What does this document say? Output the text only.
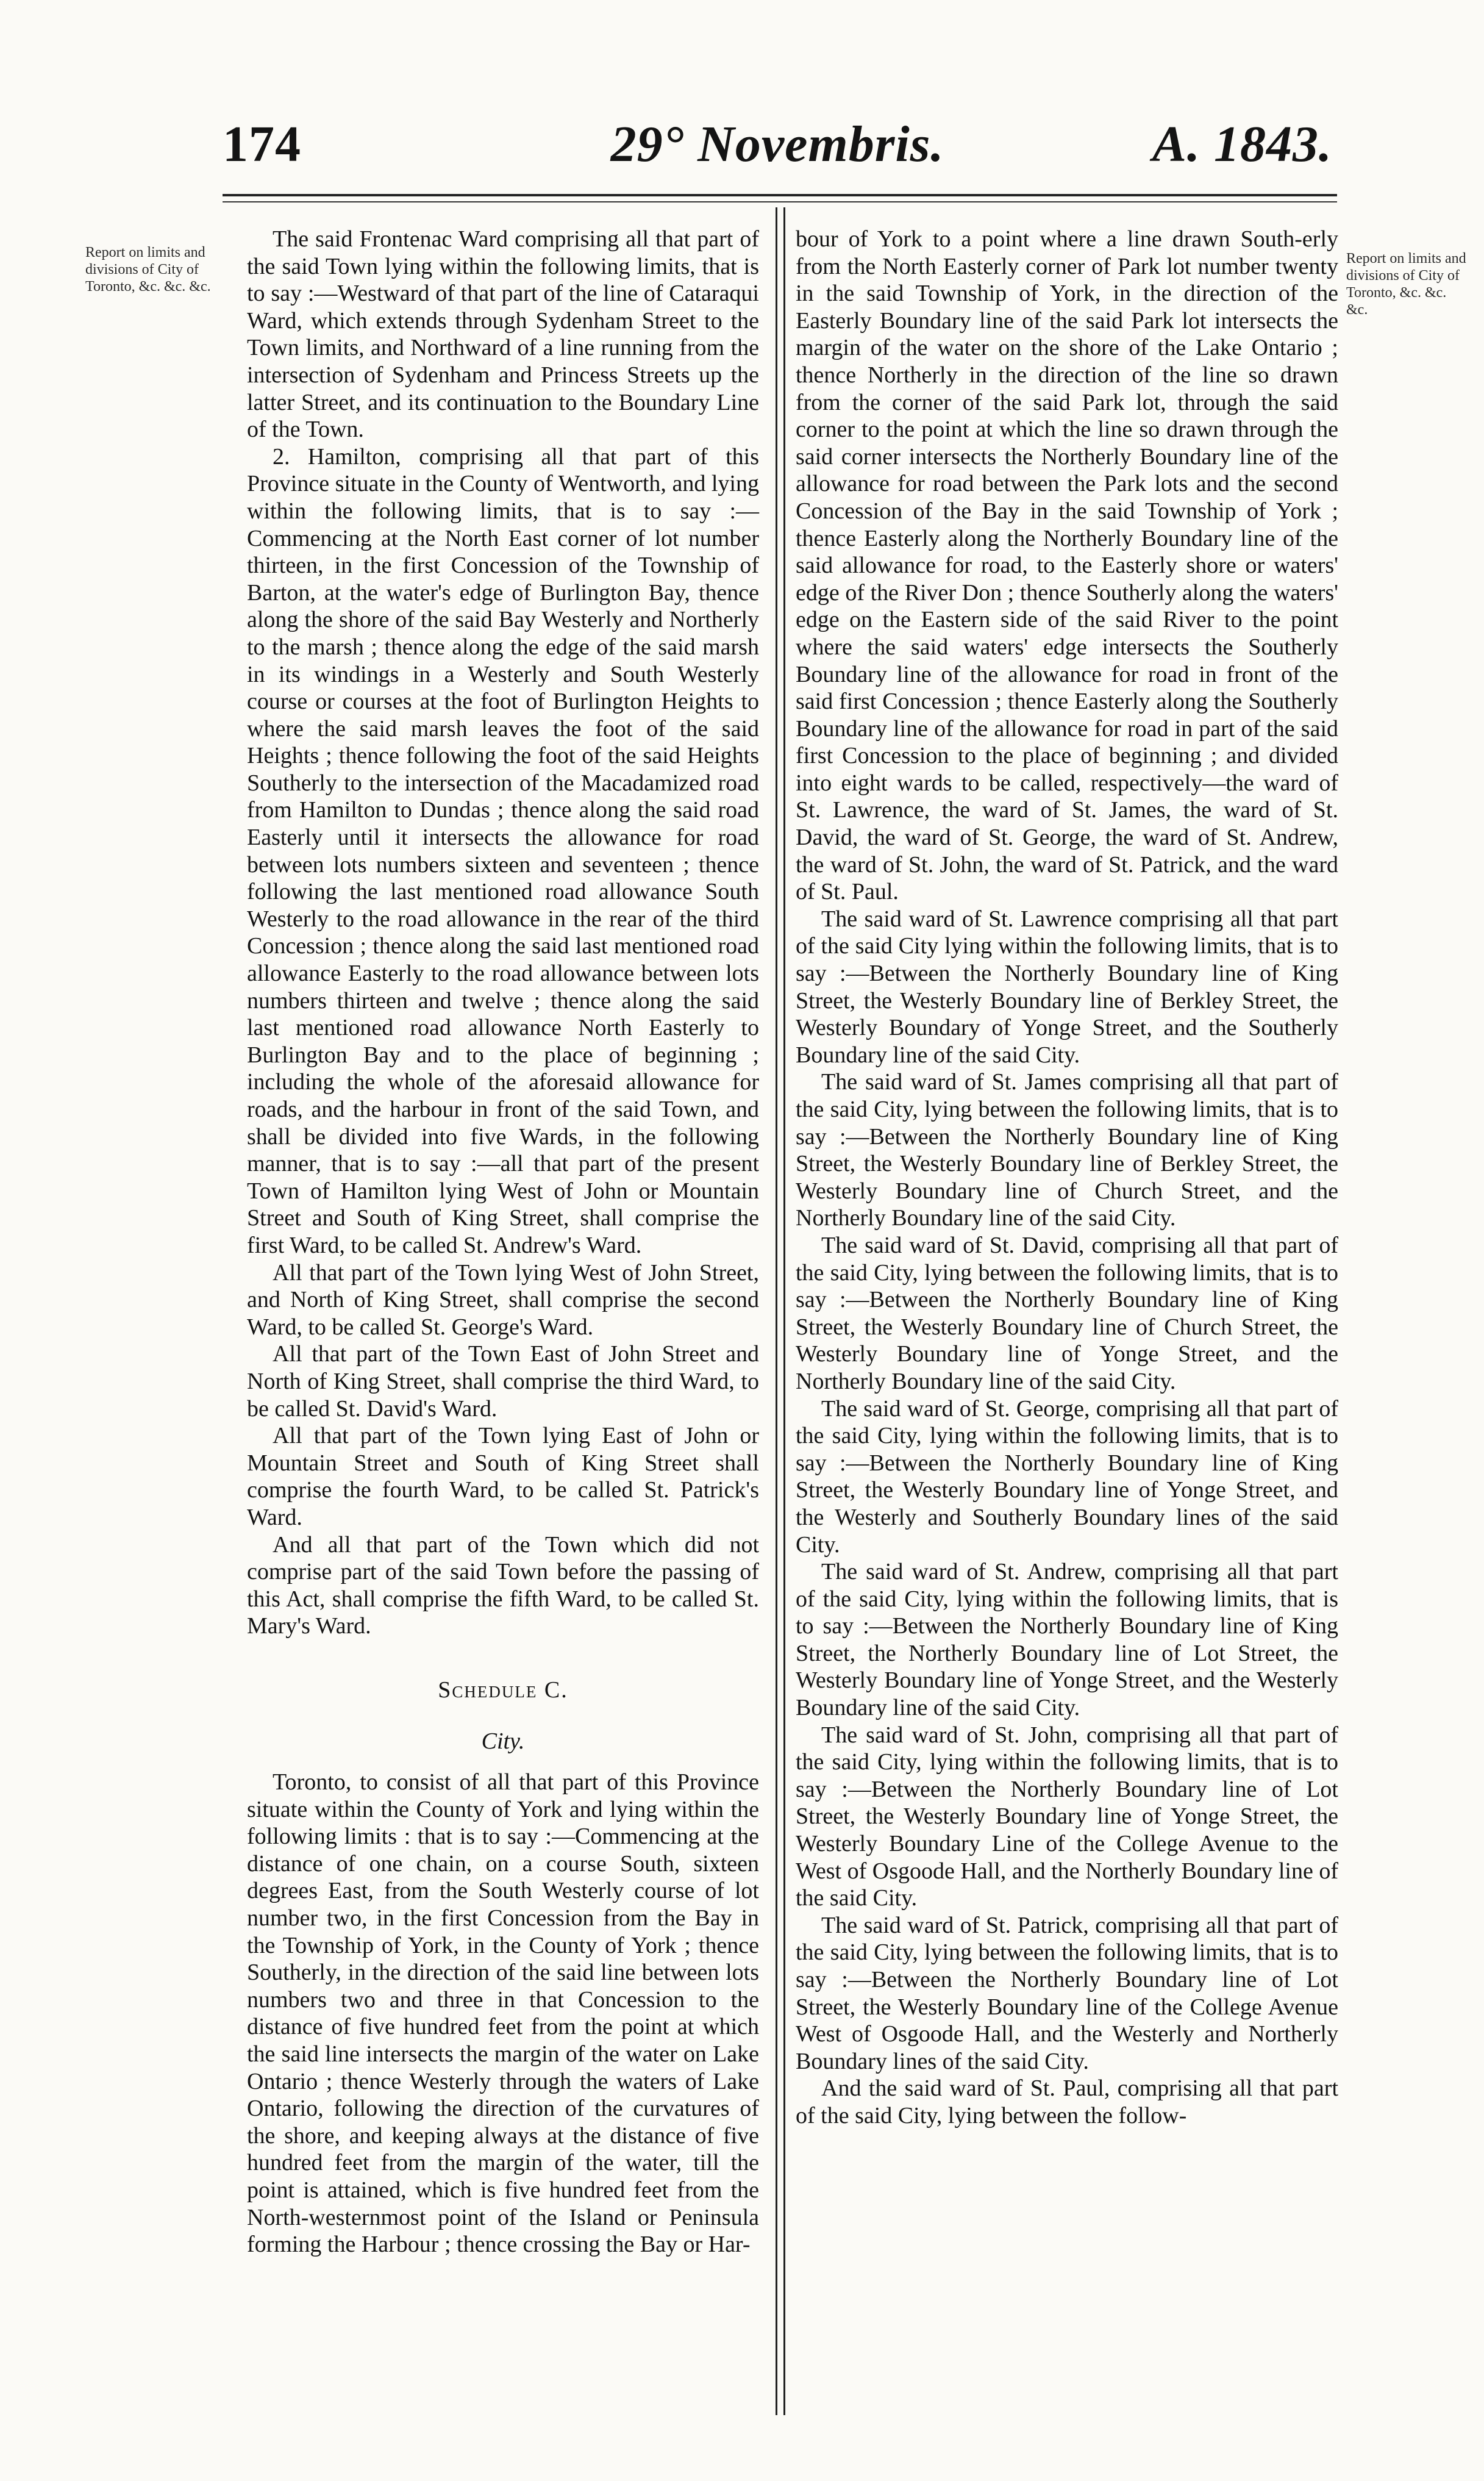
174	29° Novembris.	A. 1843.
Report on limits and divisions of City of Toronto, &c. &c. &c.
Report on limits and divisions of City of Toronto, &c. &c. &c.

The said Frontenac Ward comprising all that part of the said Town lying within the following limits, that is to say :—Westward of that part of the line of Cataraqui Ward, which extends through Sydenham Street to the Town limits, and Northward of a line running from the intersection of Sydenham and Princess Streets up the latter Street, and its continuation to the Boundary Line of the Town.

2. Hamilton, comprising all that part of this Province situate in the County of Wentworth, and lying within the following limits, that is to say :—Commencing at the North East corner of lot number thirteen, in the first Concession of the Township of Barton, at the water's edge of Burlington Bay, thence along the shore of the said Bay Westerly and Northerly to the marsh ; thence along the edge of the said marsh in its windings in a Westerly and South Westerly course or courses at the foot of Burlington Heights to where the said marsh leaves the foot of the said Heights ; thence following the foot of the said Heights Southerly to the intersection of the Macadamized road from Hamilton to Dundas ; thence along the said road Easterly until it intersects the allowance for road between lots numbers sixteen and seventeen ; thence following the last mentioned road allowance South Westerly to the road allowance in the rear of the third Concession ; thence along the said last mentioned road allowance Easterly to the road allowance between lots numbers thirteen and twelve ; thence along the said last mentioned road allowance North Easterly to Burlington Bay and to the place of beginning ; including the whole of the aforesaid allowance for roads, and the harbour in front of the said Town, and shall be divided into five Wards, in the following manner, that is to say :—all that part of the present Town of Hamilton lying West of John or Mountain Street and South of King Street, shall comprise the first Ward, to be called St. Andrew's Ward.

All that part of the Town lying West of John Street, and North of King Street, shall comprise the second Ward, to be called St. George's Ward.

All that part of the Town East of John Street and North of King Street, shall comprise the third Ward, to be called St. David's Ward.

All that part of the Town lying East of John or Mountain Street and South of King Street shall comprise the fourth Ward, to be called St. Patrick's Ward.

And all that part of the Town which did not comprise part of the said Town before the passing of this Act, shall comprise the fifth Ward, to be called St. Mary's Ward.

Schedule C.

City.

Toronto, to consist of all that part of this Province situate within the County of York and lying within the following limits : that is to say :—Commencing at the distance of one chain, on a course South, sixteen degrees East, from the South Westerly course of lot number two, in the first Concession from the Bay in the Township of York, in the County of York ; thence Southerly, in the direction of the said line between lots numbers two and three in that Concession to the distance of five hundred feet from the point at which the said line intersects the margin of the water on Lake Ontario ; thence Westerly through the waters of Lake Ontario, following the direction of the curvatures of the shore, and keeping always at the distance of five hundred feet from the margin of the water, till the point is attained, which is five hundred feet from the North-westernmost point of the Island or Peninsula forming the Harbour ; thence crossing the Bay or Har-

bour of York to a point where a line drawn South-erly from the North Easterly corner of Park lot number twenty in the said Township of York, in the direction of the Easterly Boundary line of the said Park lot intersects the margin of the water on the shore of the Lake Ontario ; thence Northerly in the direction of the line so drawn from the corner of the said Park lot, through the said corner to the point at which the line so drawn through the said corner intersects the Northerly Boundary line of the allowance for road between the Park lots and the second Concession of the Bay in the said Township of York ; thence Easterly along the Northerly Boundary line of the said allowance for road, to the Easterly shore or waters' edge of the River Don ; thence Southerly along the waters' edge on the Eastern side of the said River to the point where the said waters' edge intersects the Southerly Boundary line of the allowance for road in front of the said first Concession ; thence Easterly along the Southerly Boundary line of the allowance for road in part of the said first Concession to the place of beginning ; and divided into eight wards to be called, respectively—the ward of St. Lawrence, the ward of St. James, the ward of St. David, the ward of St. George, the ward of St. Andrew, the ward of St. John, the ward of St. Patrick, and the ward of St. Paul.

The said ward of St. Lawrence comprising all that part of the said City lying within the following limits, that is to say :—Between the Northerly Boundary line of King Street, the Westerly Boundary line of Berkley Street, the Westerly Boundary of Yonge Street, and the Southerly Boundary line of the said City.

The said ward of St. James comprising all that part of the said City, lying between the following limits, that is to say :—Between the Northerly Boundary line of King Street, the Westerly Boundary line of Berkley Street, the Westerly Boundary line of Church Street, and the Northerly Boundary line of the said City.

The said ward of St. David, comprising all that part of the said City, lying between the following limits, that is to say :—Between the Northerly Boundary line of King Street, the Westerly Boundary line of Church Street, the Westerly Boundary line of Yonge Street, and the Northerly Boundary line of the said City.

The said ward of St. George, comprising all that part of the said City, lying within the following limits, that is to say :—Between the Northerly Boundary line of King Street, the Westerly Boundary line of Yonge Street, and the Westerly and Southerly Boundary lines of the said City.

The said ward of St. Andrew, comprising all that part of the said City, lying within the following limits, that is to say :—Between the Northerly Boundary line of King Street, the Northerly Boundary line of Lot Street, the Westerly Boundary line of Yonge Street, and the Westerly Boundary line of the said City.

The said ward of St. John, comprising all that part of the said City, lying within the following limits, that is to say :—Between the Northerly Boundary line of Lot Street, the Westerly Boundary line of Yonge Street, the Westerly Boundary Line of the College Avenue to the West of Osgoode Hall, and the Northerly Boundary line of the said City.

The said ward of St. Patrick, comprising all that part of the said City, lying between the following limits, that is to say :—Between the Northerly Boundary line of Lot Street, the Westerly Boundary line of the College Avenue West of Osgoode Hall, and the Westerly and Northerly Boundary lines of the said City.

And the said ward of St. Paul, comprising all that part of the said City, lying between the follow-
